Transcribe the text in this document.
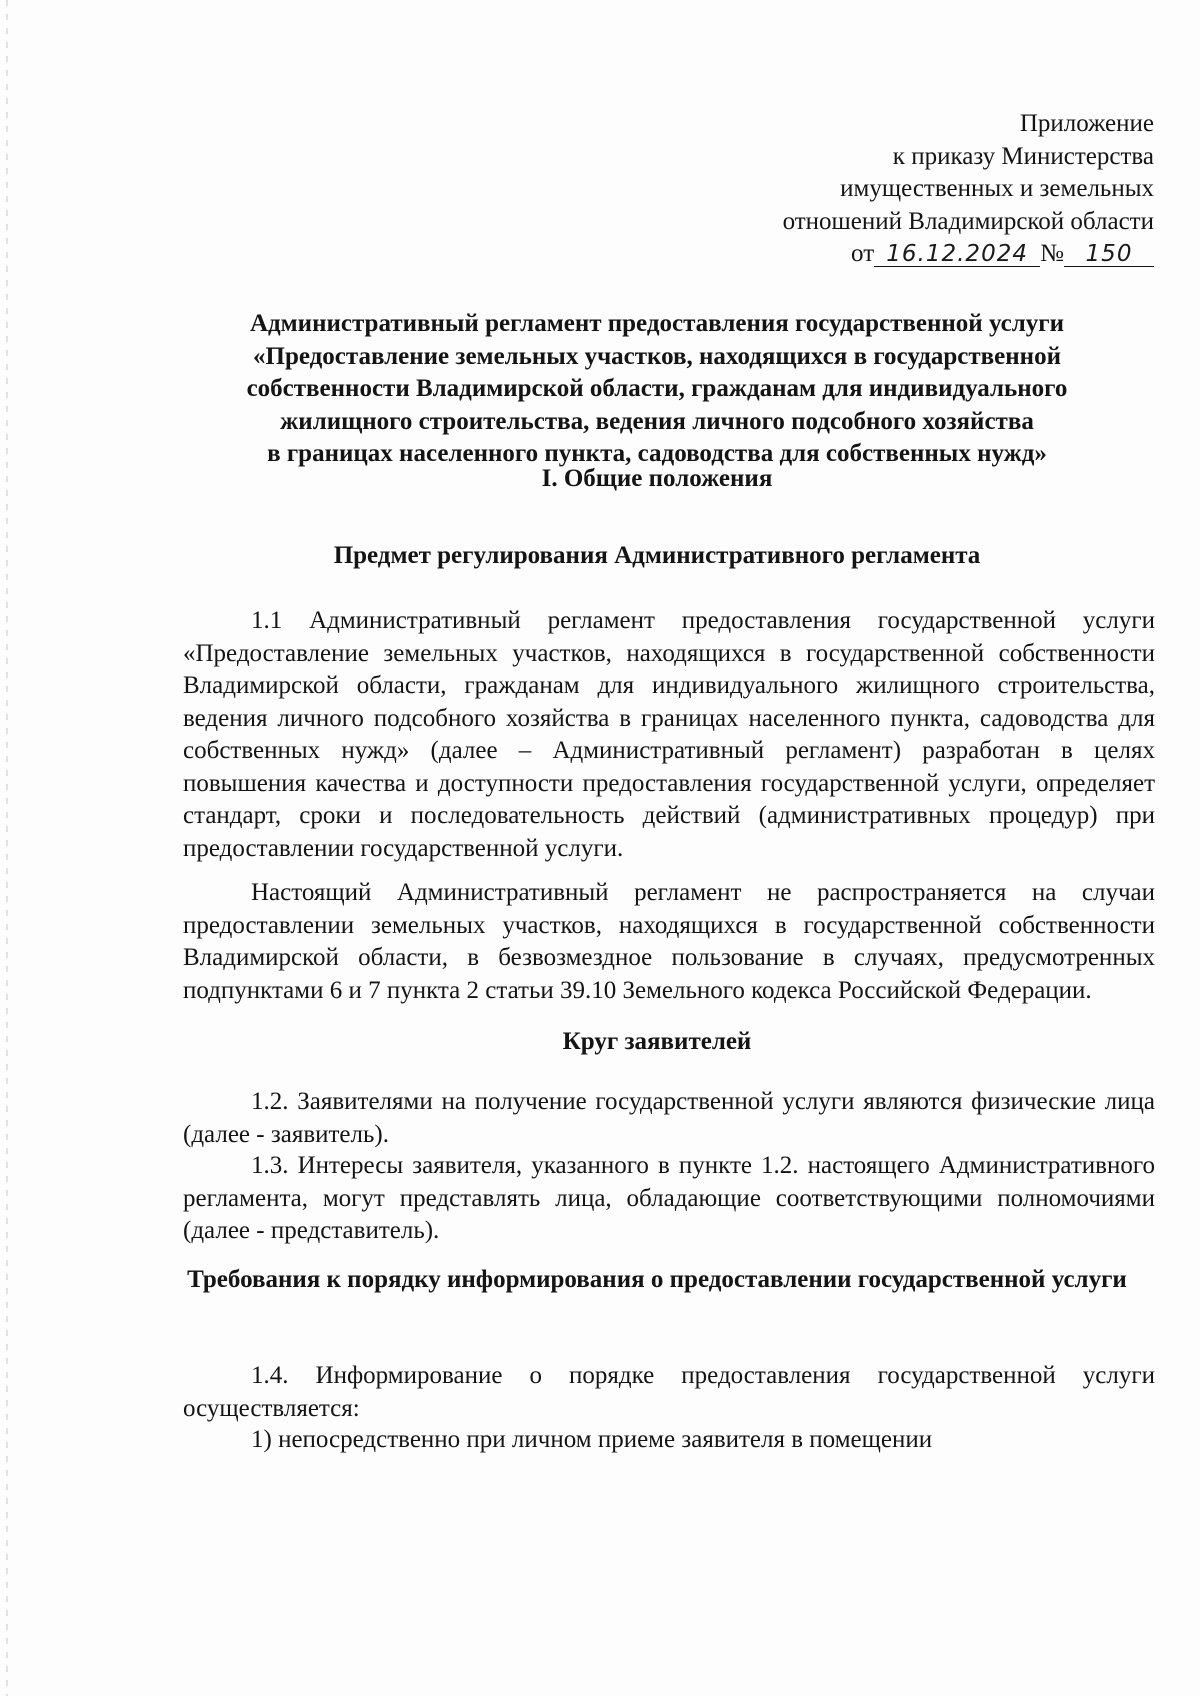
Приложение
к приказу Министерства
имущественных и земельных
отношений Владимирской области
от 16.12.2024 № 150
Административный регламент предоставления государственной услуги
«Предоставление земельных участков, находящихся в государственной
собственности Владимирской области, гражданам для индивидуального
жилищного строительства, ведения личного подсобного хозяйства
в границах населенного пункта, садоводства для собственных нужд»
I. Общие положения
Предмет регулирования Административного регламента
1.1 Административный регламент предоставления государственной услуги «Предоставление земельных участков, находящихся в государственной собственности Владимирской области, гражданам для индивидуального жилищного строительства, ведения личного подсобного хозяйства в границах населенного пункта, садоводства для собственных нужд» (далее – Административный регламент) разработан в целях повышения качества и доступности предоставления государственной услуги, определяет стандарт, сроки и последовательность действий (административных процедур) при предоставлении государственной услуги.
Настоящий Административный регламент не распространяется на случаи предоставлении земельных участков, находящихся в государственной собственности Владимирской области, в безвозмездное пользование в случаях, предусмотренных подпунктами 6 и 7 пункта 2 статьи 39.10 Земельного кодекса Российской Федерации.
Круг заявителей
1.2. Заявителями на получение государственной услуги являются физические лица (далее - заявитель).
1.3. Интересы заявителя, указанного в пункте 1.2. настоящего Административного регламента, могут представлять лица, обладающие соответствующими полномочиями (далее - представитель).
Требования к порядку информирования о предоставлении государственной услуги
1.4. Информирование о порядке предоставления государственной услуги осуществляется:
1) непосредственно при личном приеме заявителя в помещении
